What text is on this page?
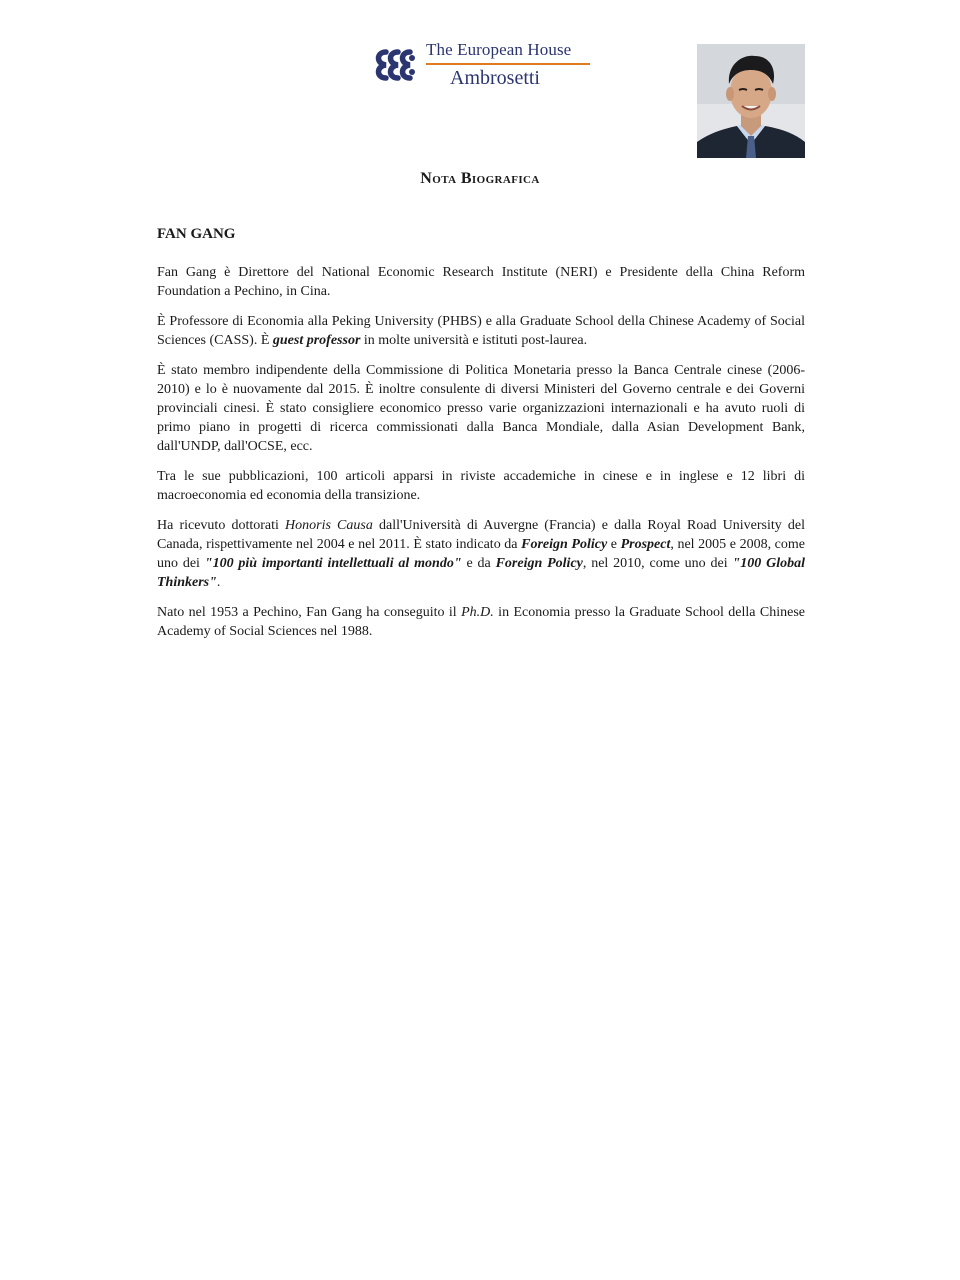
The European House
Ambrosetti
Nota Biografica
FAN GANG

Fan Gang è Direttore del National Economic Research Institute (NERI) e Presidente della China Reform Foundation a Pechino, in Cina.

È Professore di Economia alla Peking University (PHBS) e alla Graduate School della Chinese Academy of Social Sciences (CASS). È guest professor in molte università e istituti post-laurea.

È stato membro indipendente della Commissione di Politica Monetaria presso la Banca Centrale cinese (2006-2010) e lo è nuovamente dal 2015. È inoltre consulente di diversi Ministeri del Governo centrale e dei Governi provinciali cinesi. È stato consigliere economico presso varie organizzazioni internazionali e ha avuto ruoli di primo piano in progetti di ricerca commissionati dalla Banca Mondiale, dalla Asian Development Bank, dall'UNDP, dall'OCSE, ecc.

Tra le sue pubblicazioni, 100 articoli apparsi in riviste accademiche in cinese e in inglese e 12 libri di macroeconomia ed economia della transizione.

Ha ricevuto dottorati Honoris Causa dall'Università di Auvergne (Francia) e dalla Royal Road University del Canada, rispettivamente nel 2004 e nel 2011. È stato indicato da Foreign Policy e Prospect, nel 2005 e 2008, come uno dei "100 più importanti intellettuali al mondo" e da Foreign Policy, nel 2010, come uno dei "100 Global Thinkers".

Nato nel 1953 a Pechino, Fan Gang ha conseguito il Ph.D. in Economia presso la Graduate School della Chinese Academy of Social Sciences nel 1988.
